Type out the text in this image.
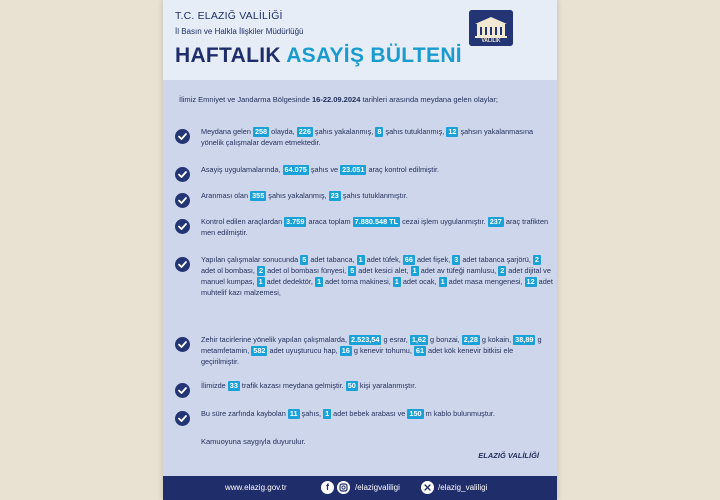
T.C. ELAZIĞ VALİLİĞİ
İl Basın ve Halkla İlişkiler Müdürlüğü
HAFTALIK ASAYİŞ BÜLTENİ
VALİLİK
İlimiz Emniyet ve Jandarma Bölgesinde 16-22.09.2024 tarihleri arasında meydana gelen olaylar;
Meydana gelen 258 olayda, 226 şahıs yakalanmış, 8 şahıs tutuklanmış, 12 şahsın yakalanmasına yönelik çalışmalar devam etmektedir.
Asayiş uygulamalarında, 64.075 şahıs ve 23.051 araç kontrol edilmiştir.
Aranması olan 355 şahıs yakalanmış, 23 şahıs tutuklanmıştır.
Kontrol edilen araçlardan 3.759 araca toplam 7.880.548 TL cezai işlem uygulanmıştır. 237 araç trafikten men edilmiştir.
Yapılan çalışmalar sonucunda 5 adet tabanca, 1 adet tüfek, 66 adet fişek, 3 adet tabanca şarjörü, 2 adet ol bombası, 2 adet ol bombası fünyesi, 5 adet kesici alet, 1 adet av tüfeği namlusu, 2 adet dijital ve manuel kumpas, 1 adet dedektör, 1 adet torna makinesi, 1 adet ocak, 1 adet masa mengenesi, 12 adet muhtelif kazı malzemesi,
Zehir tacirlerine yönelik yapılan çalışmalarda, 2.523,54 g esrar, 1,62 g bonzai, 2,28 g kokain, 38,89 g metamfetamin, 582 adet uyuşturucu hap, 16 g kenevir tohumu, 61 adet kök kenevir bitkisi ele geçirilmiştir.
İlimizde 33 trafik kazası meydana gelmiştir. 50 kişi yaralanmıştır.
Bu süre zarfında kaybolan 11 şahıs, 1 adet bebek arabası ve 150 m kablo bulunmuştur.
Kamuoyuna saygıyla duyurulur.
ELAZIĞ VALİLİĞİ
www.elazig.gov.tr	f	/elazigvaliligi	/elazig_valiligi
